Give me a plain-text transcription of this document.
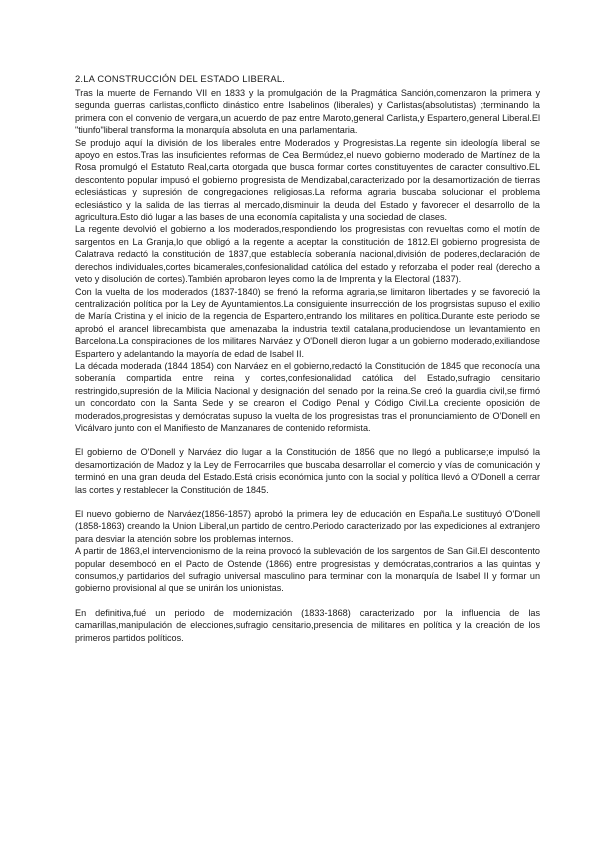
2.LA CONSTRUCCIÓN DEL ESTADO LIBERAL.

Tras la muerte de Fernando VII en 1833 y la promulgación de la Pragmática Sanción,comenzaron la primera y segunda guerras carlistas,conflicto dinástico entre Isabelinos (liberales) y Carlistas(absolutistas) ;terminando la primera con el convenio de vergara,un acuerdo de paz entre Maroto,general Carlista,y Espartero,general Liberal.El "tiunfo"liberal transforma la monarquía absoluta en una parlamentaria.

Se produjo aquí la división de los liberales entre Moderados y Progresistas.La regente sin ideología liberal se apoyo en estos.Tras las insuficientes reformas de Cea Bermúdez,el nuevo gobierno moderado de Martínez de la Rosa promulgó el Estatuto Real,carta otorgada que busca formar cortes constituyentes de caracter consultivo.EL descontento popular impusó el gobierno progresista de Mendizabal,caracterizado por la desamortización de tierras eclesiásticas y supresión de congregaciones religiosas.La reforma agraria buscaba solucionar el problema eclesiástico y la salida de las tierras al mercado,disminuir la deuda del Estado y favorecer el desarrollo de la agricultura.Esto dió lugar a las bases de una economía capitalista y una sociedad de clases.

La regente devolvió el gobierno a los moderados,respondiendo los progresistas con revueltas como el motín de sargentos en La Granja,lo que obligó a la regente a aceptar la constitución de 1812.El gobierno progresista de Calatrava redactó la constitución de 1837,que establecía soberanía nacional,división de poderes,declaración de derechos individuales,cortes bicamerales,confesionalidad católica del estado y reforzaba el poder real (derecho a veto y disolución de cortes).También aprobaron leyes como la de Imprenta y la Electoral (1837).

Con la vuelta de los moderados (1837-1840) se frenó la reforma agraria,se limitaron libertades y se favoreció la centralización política por la Ley de Ayuntamientos.La consiguiente insurrección de los progrsistas supuso el exilio de María Cristina y el inicio de la regencia de Espartero,entrando los militares en política.Durante este periodo se aprobó el arancel librecambista que amenazaba la industria textil catalana,produciendose un levantamiento en Barcelona.La conspiraciones de los militares Narváez y O'Donell dieron lugar a un gobierno moderado,exiliandose Espartero y adelantando la mayoría de edad de Isabel II.

La década moderada (1844 1854) con Narváez en el gobierno,redactó la Constitución de 1845 que reconocía una soberanía compartida entre reina y cortes,confesionalidad católica del Estado,sufragio censitario restringido,supresión de la Milicia Nacional y designación del senado por la reina.Se creó la guardia civil,se firmó un concordato con la Santa Sede y se crearon el Codigo Penal y Código Civil.La creciente oposición de moderados,progresistas y demócratas supuso la vuelta de los progresistas tras el pronunciamiento de O'Donell en Vicálvaro junto con el Manifiesto de Manzanares de contenido reformista.

El gobierno de O'Donell y Narváez dio lugar a la Constitución de 1856 que no llegó a publicarse;e impulsó la desamortización de Madoz y la Ley de Ferrocarriles que buscaba desarrollar el comercio y vías de comunicación y terminó en una gran deuda del Estado.Está crisis económica junto con la social y política llevó a O'Donell a cerrar las cortes y restablecer la Constitución de 1845.

El nuevo gobierno de Narváez(1856-1857) aprobó la primera ley de educación en España.Le sustituyó O'Donell (1858-1863) creando la Union Liberal,un partido de centro.Periodo caracterizado por las expediciones al extranjero para desviar la atención sobre los problemas internos.

A partir de 1863,el intervencionismo de la reina provocó la sublevación de los sargentos de San Gil.El descontento popular desembocó en el Pacto de Ostende (1866) entre progresistas y demócratas,contrarios a las quintas y consumos,y partidarios del sufragio universal masculino para terminar con la monarquía de Isabel II y formar un gobierno provisional al que se unirán los unionistas.

En definitiva,fué un periodo de modernización (1833-1868) caracterizado por la influencia de las camarillas,manipulación de elecciones,sufragio censitario,presencia de militares en política y la creación de los primeros partidos políticos.
